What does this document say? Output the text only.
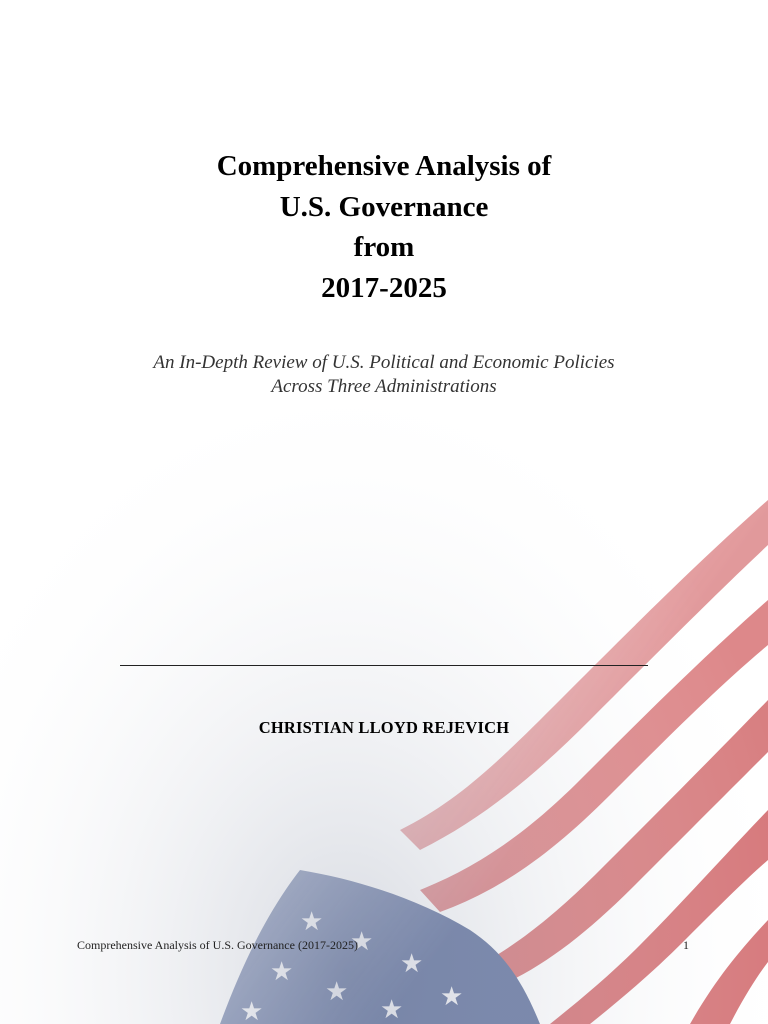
Comprehensive Analysis of
U.S. Governance
from
2017-2025
An In-Depth Review of U.S. Political and Economic Policies
Across Three Administrations
CHRISTIAN LLOYD REJEVICH
Comprehensive Analysis of U.S. Governance (2017-2025)	1
